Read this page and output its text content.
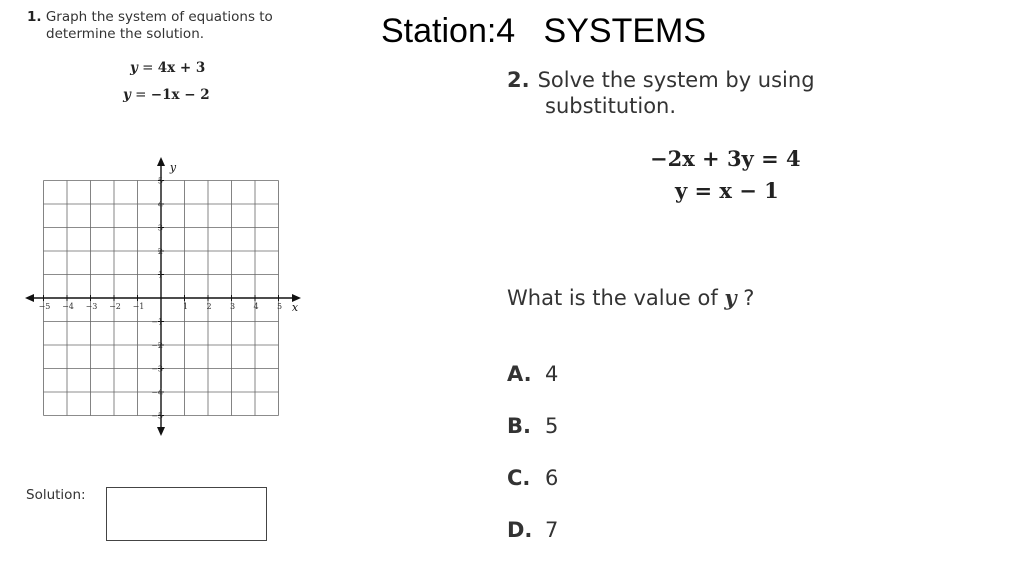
Station:4   SYSTEMS
1. Graph the system of equations to
determine the solution.
y = 4x + 3
y = −1x − 2
−5 −4 −3 −2 −1	1 2 3 4 5
5
4
3
2
1
−1
−2
−3
−4
−5
x
y
Solution:
2. Solve the system by using
substitution.
−2x + 3y = 4
y = x − 1
What is the value of y ?
A. 4
B. 5
C. 6
D. 7
